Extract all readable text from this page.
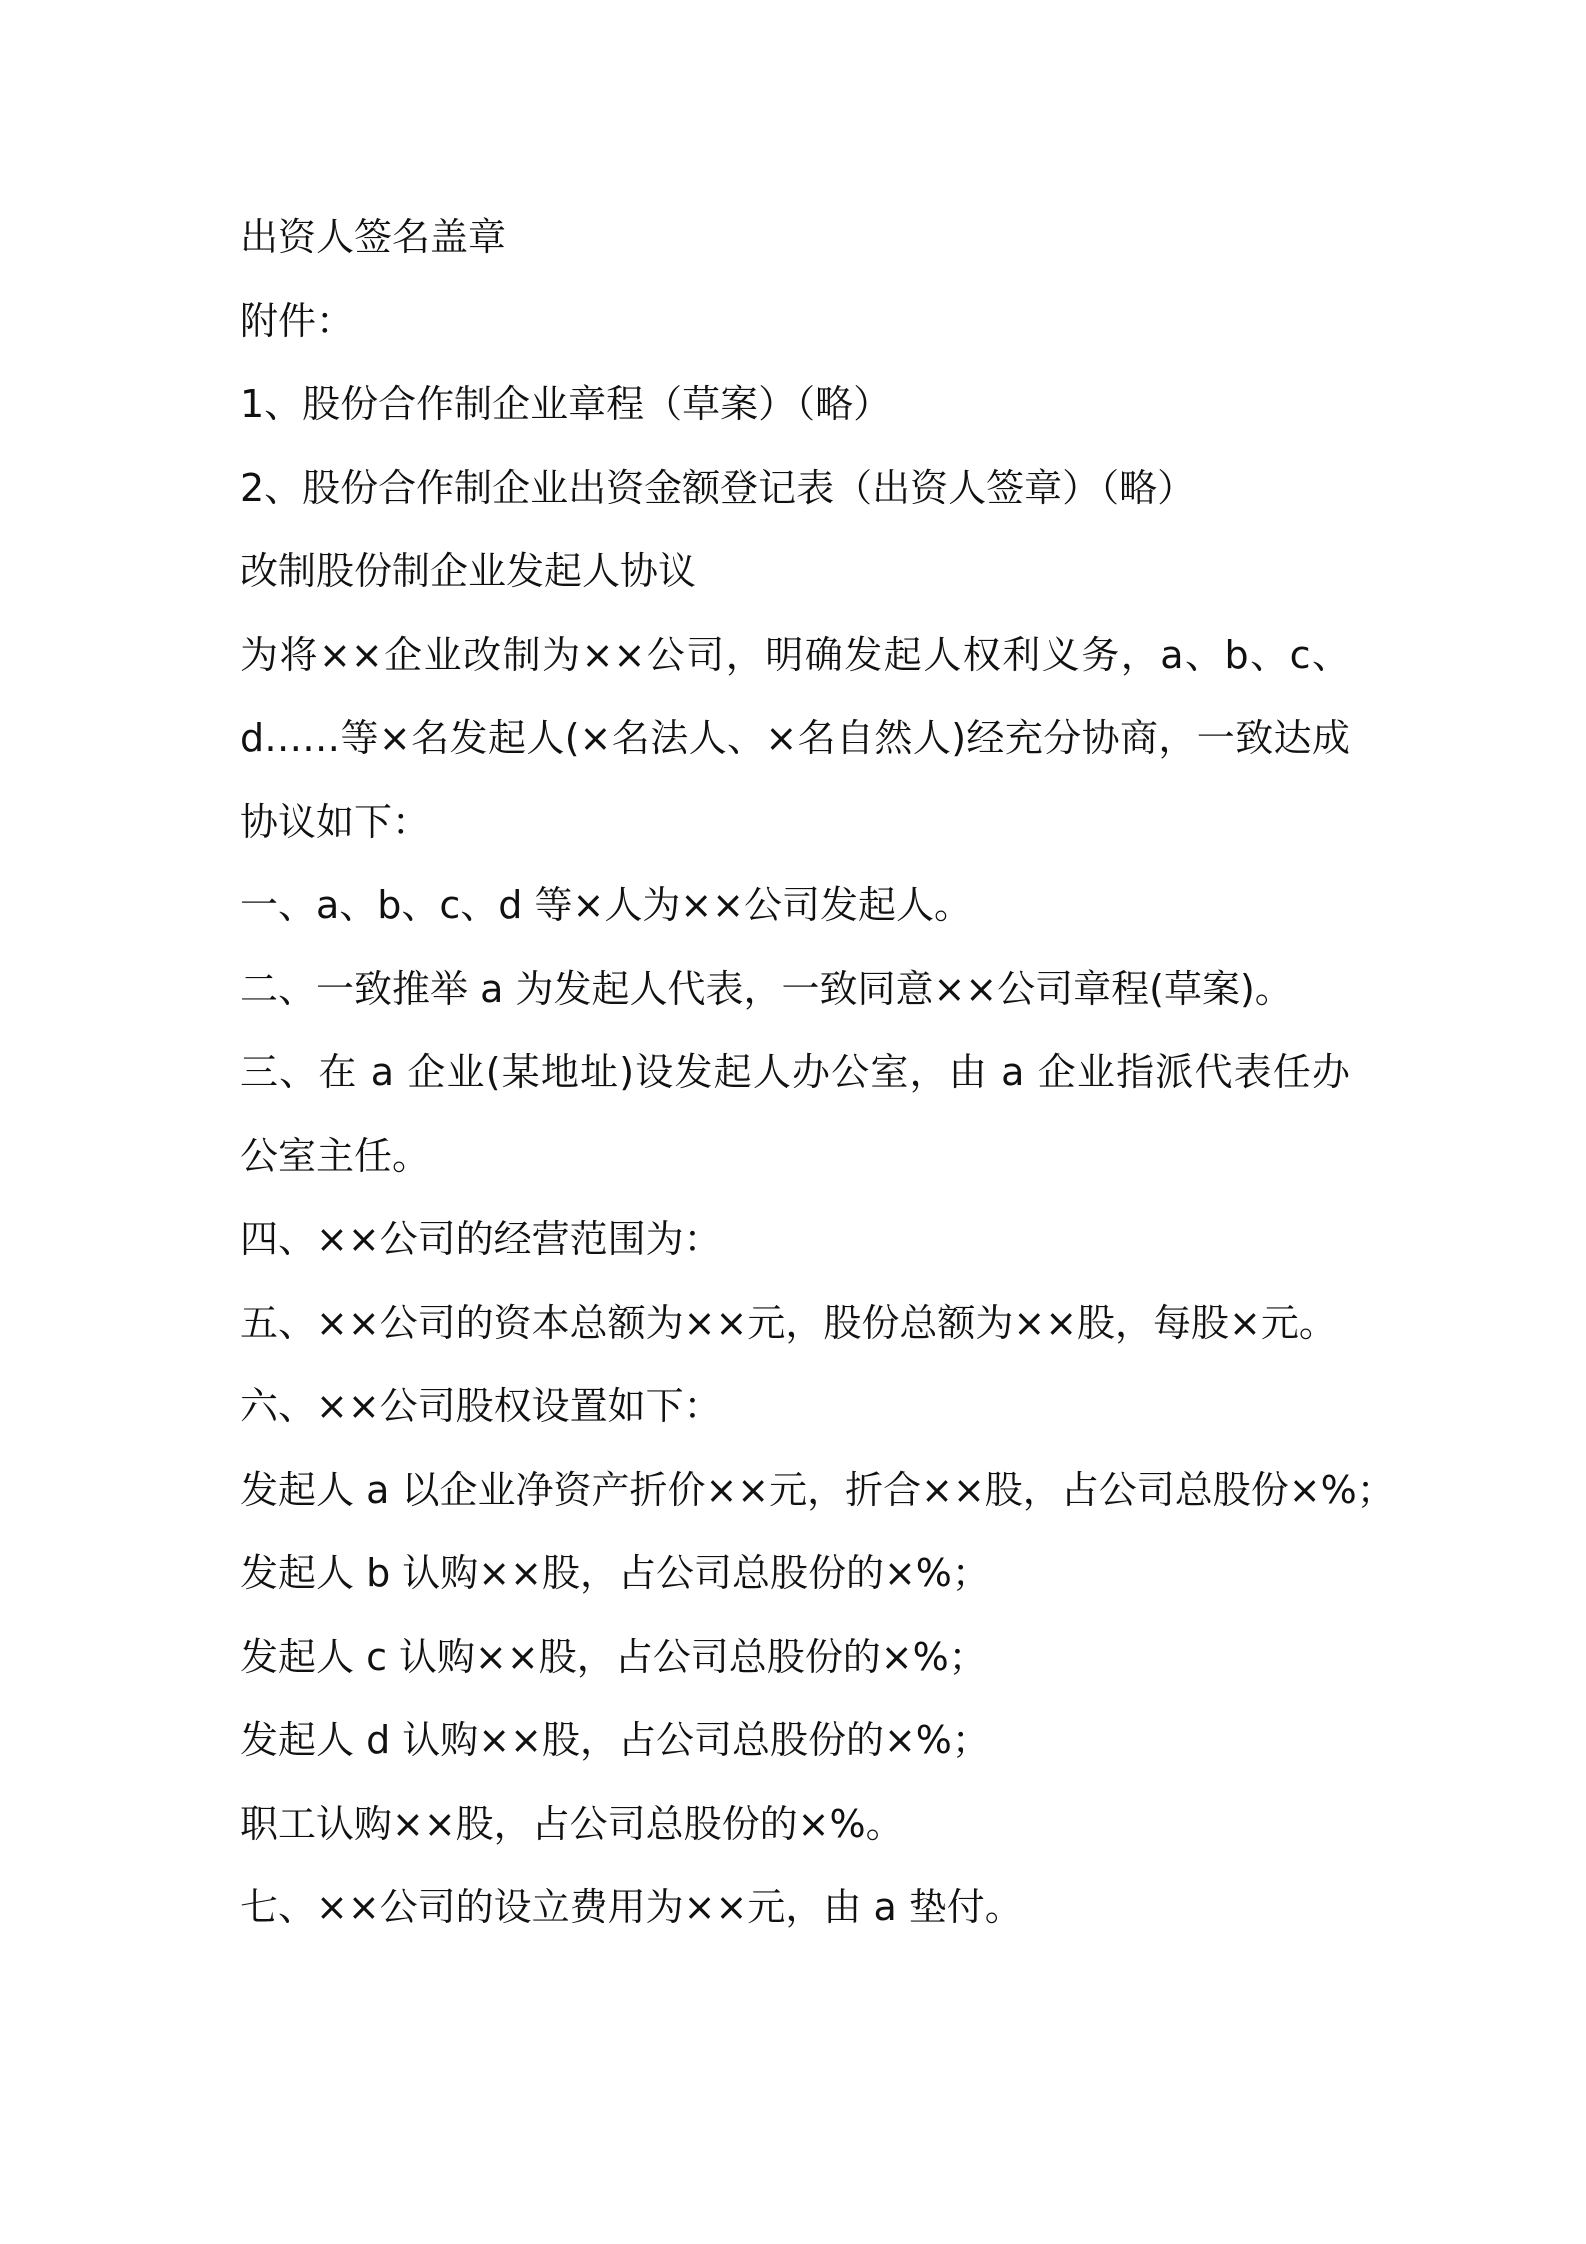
出资人签名盖章

附件：

1、股份合作制企业章程（草案）（略）

2、股份合作制企业出资金额登记表（出资人签章）（略）

改制股份制企业发起人协议

为将××企业改制为××公司，明确发起人权利义务，a、b、c、d……等×名发起人(×名法人、×名自然人)经充分协商，一致达成协议如下：

一、a、b、c、d 等×人为××公司发起人。

二、一致推举 a 为发起人代表，一致同意××公司章程(草案)。

三、在 a 企业(某地址)设发起人办公室，由 a 企业指派代表任办公室主任。

四、××公司的经营范围为：

五、××公司的资本总额为××元，股份总额为××股，每股×元。

六、××公司股权设置如下：

发起人 a 以企业净资产折价××元，折合××股，占公司总股份×%；

发起人 b 认购××股，占公司总股份的×%；

发起人 c 认购××股，占公司总股份的×%；

发起人 d 认购××股，占公司总股份的×%；

职工认购××股，占公司总股份的×%。

七、××公司的设立费用为××元，由 a 垫付。
